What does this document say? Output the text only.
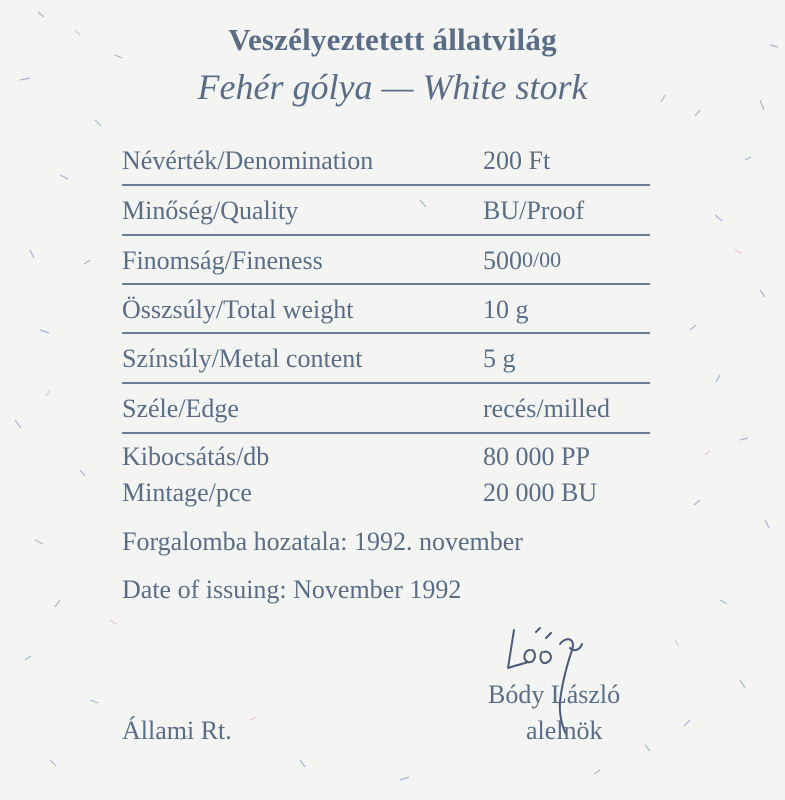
Veszélyeztetett állatvilág
Fehér gólya — White stork
Névérték/Denomination	200 Ft
Minőség/Quality	BU/Proof
Finomság/Fineness	5000/00
Összsúly/Total weight	10 g
Színsúly/Metal content	5 g
Széle/Edge	recés/milled
Kibocsátás/db	80 000 PP
Mintage/pce	20 000 BU
Forgalomba hozatala: 1992. november
Date of issuing: November 1992
Bódy László
alelnök
Állami Rt.
